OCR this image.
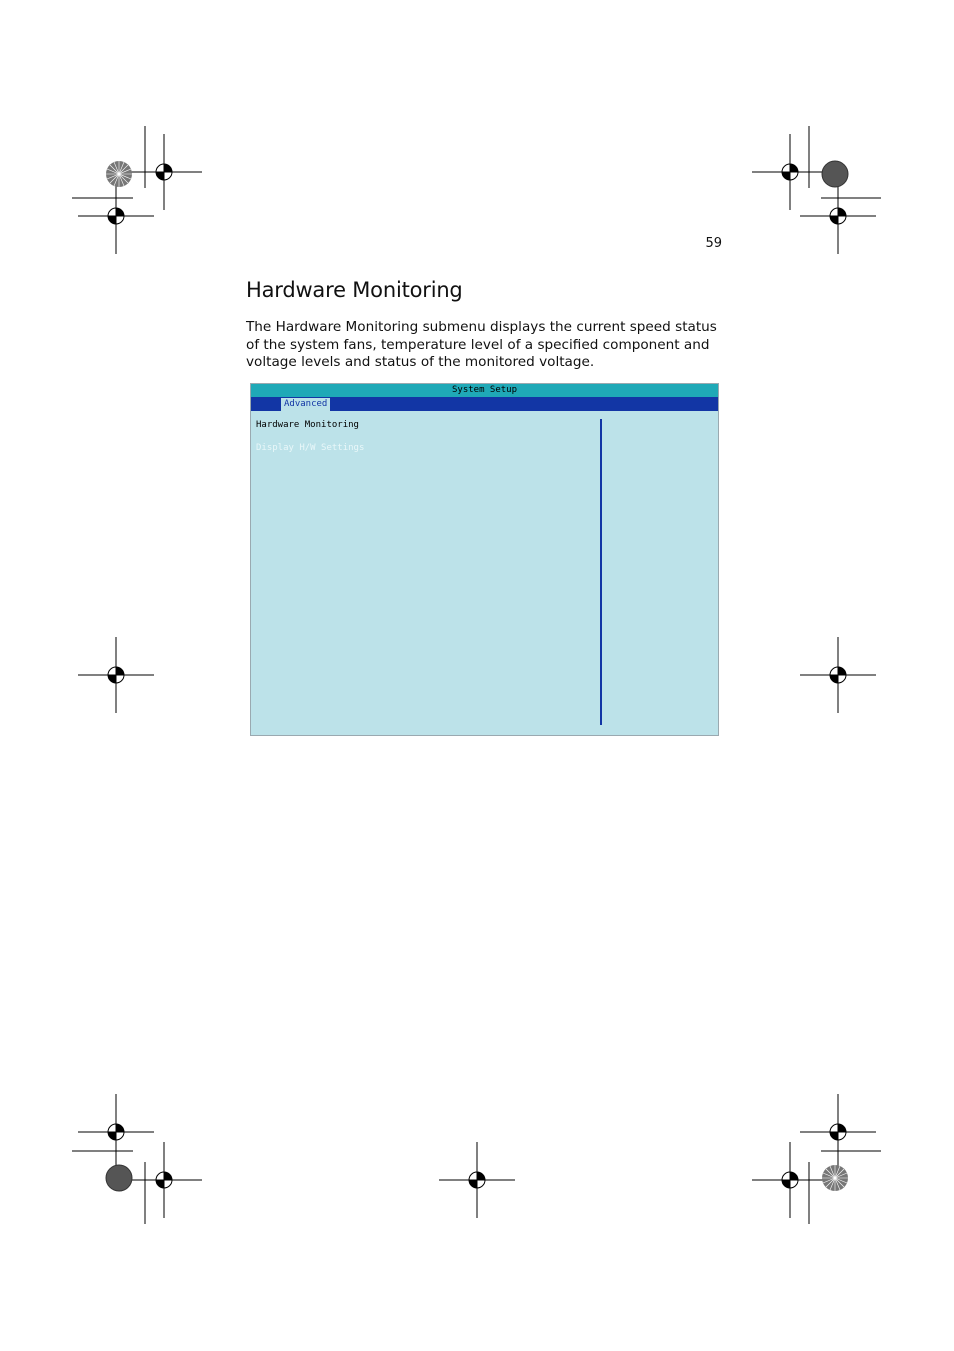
59
Hardware Monitoring

The Hardware Monitoring submenu displays the current speed status of the system fans, temperature level of a specified component and voltage levels and status of the monitored voltage.

System Setup
Advanced
Hardware Monitoring
Display H/W Settings
